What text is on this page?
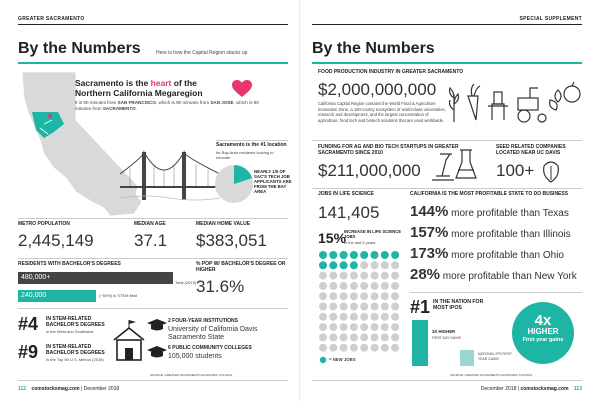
GREATER SACRAMENTO
By the Numbers	Here is how the Capital Region stacks up
Sacramento is the heart of the Northern California Megaregion
It is 90 minutes from SAN FRANCISCO, which is 90 minutes from SAN JOSE, which is 90 minutes from SACRAMENTO.
Sacramento is the #1 location
for Bay Area residents looking to relocate
NEARLY 1/5 OF SAC'S TECH JOB APPLICANTS ARE FROM THE BAY AREA
METRO POPULATION
2,445,149
MEDIAN AGE
37.1
MEDIAN HOME VALUE
$383,051
RESIDENTS WITH BACHELOR'S DEGREES
480,000+
Total (2015)
240,000	(~50%) in STEM field
% POP W/ BACHELOR'S DEGREE OR HIGHER
31.6%
#4 IN STEM-RELATED BACHELOR'S DEGREES
in the West and Southwest
#9 IN STEM-RELATED BACHELOR'S DEGREES
in the Top 50 U.S. Metros (2016)
2 FOUR-YEAR INSTITUTIONS
University of California Davis
Sacramento State
6 PUBLIC COMMUNITY COLLEGES
105,000 students
SOURCE: GREATER SACRAMENTO ECONOMIC COUNCIL
112 comstocksmag.com | December 2018
SPECIAL SUPPLEMENT
By the Numbers
FOOD PRODUCTION INDUSTRY IN GREATER SACRAMENTO
$2,000,000,000
California Capital Region contains the World Food & Agriculture Innovation Zone, a 100-county ecosystem of world-class universities, research and development, and the largest concentration of agriculture, food tech and biotech solutions that are used worldwide.
FUNDING FOR AG AND BIO TECH STARTUPS IN GREATER SACRAMENTO SINCE 2010
$211,000,000
SEED RELATED COMPANIES LOCATED NEAR UC DAVIS
100+
JOBS IN LIFE SCIENCE
141,405
15%
INCREASE IN LIFE SCIENCE JOBS
in the last 5 years
= NEW JOBS
CALIFORNIA IS THE MOST PROFITABLE STATE TO DO BUSINESS
144% more profitable than Texas
157% more profitable than Illinois
173% more profitable than Ohio
28% more profitable than New York
#1 IN THE NATION FOR MOST IPOS
3X HIGHER
FIRST DAY GAINS
NATIONAL IPO FIRST YEAR GAINS
4x
HIGHER
First year gains
SOURCE: GREATER SACRAMENTO ECONOMIC COUNCIL
December 2018 | comstocksmag.com 113
